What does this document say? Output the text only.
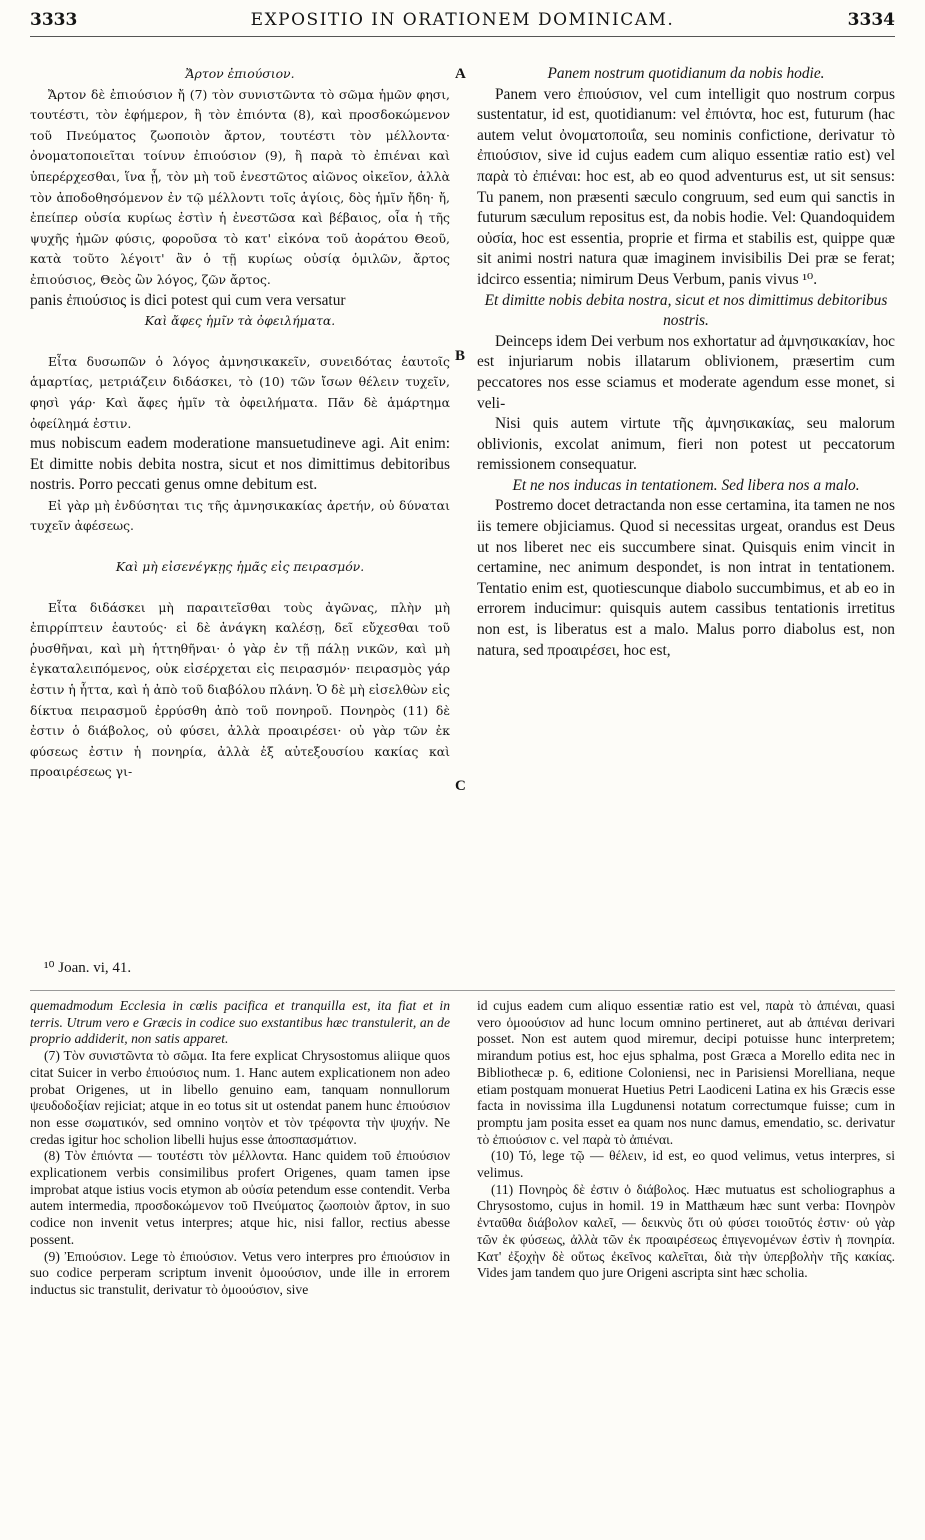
3333	EXPOSITIO IN ORATIONEM DOMINICAM.	3334
A
B
C
Ἄρτον ἐπιούσιον.

Ἄρτον δὲ ἐπιούσιον ἤ (7) τὸν συνιστῶντα τὸ σῶμα ἡμῶν φησι, τουτέστι, τὸν ἐφήμερον, ἢ τὸν ἐπιόντα (8), καὶ προσδοκώμενον τοῦ Πνεύματος ζωοποιὸν ἄρτον, τουτέστι τὸν μέλλοντα· ὀνοματοποιεῖται τοίνυν ἐπιούσιον (9), ἢ παρὰ τὸ ἐπιέναι καὶ ὑπερέρχεσθαι, ἵνα ᾖ, τὸν μὴ τοῦ ἐνεστῶτος αἰῶνος οἰκεῖον, ἀλλὰ τὸν ἀποδοθησόμενον ἐν τῷ μέλλοντι τοῖς ἁγίοις, δὸς ἡμῖν ἤδη· ἤ, ἐπείπερ οὐσία κυρίως ἐστὶν ἡ ἐνεστῶσα καὶ βέβαιος, οἷα ἡ τῆς ψυχῆς ἡμῶν φύσις, φοροῦσα τὸ κατ' εἰκόνα τοῦ ἀοράτου Θεοῦ, κατὰ τοῦτο λέγοιτ' ἂν ὁ τῇ κυρίως οὐσίᾳ ὁμιλῶν, ἄρτος ἐπιούσιος, Θεὸς ὢν λόγος, ζῶν ἄρτος.

panis ἐπιούσιος is dici potest qui cum vera versatur

Καὶ ἄφες ἡμῖν τὰ ὀφειλήματα.

Εἶτα δυσωπῶν ὁ λόγος ἀμνησικακεῖν, συνειδότας ἑαυτοῖς ἁμαρτίας, μετριάζειν διδάσκει, τὸ (10) τῶν ἴσων θέλειν τυχεῖν, φησὶ γάρ· Καὶ ἄφες ἡμῖν τὰ ὀφειλήματα. Πᾶν δὲ ἁμάρτημα ὀφείλημά ἐστιν.

mus nobiscum eadem moderatione mansuetudineve agi. Ait enim: Et dimitte nobis debita nostra, sicut et nos dimittimus debitoribus nostris. Porro peccati genus omne debitum est.

Εἰ γὰρ μὴ ἐνδύσηται τις τῆς ἀμνησικακίας ἀρετήν, οὐ δύναται τυχεῖν ἀφέσεως.

Καὶ μὴ εἰσενέγκῃς ἡμᾶς εἰς πειρασμόν.

Εἶτα διδάσκει μὴ παραιτεῖσθαι τοὺς ἀγῶνας, πλὴν μὴ ἐπιρρίπτειν ἑαυτούς· εἰ δὲ ἀνάγκη καλέσῃ, δεῖ εὔχεσθαι τοῦ ῥυσθῆναι, καὶ μὴ ἡττηθῆναι· ὁ γὰρ ἐν τῇ πάλῃ νικῶν, καὶ μὴ ἐγκαταλειπόμενος, οὐκ εἰσέρχεται εἰς πειρασμόν· πειρασμὸς γάρ ἐστιν ἡ ἧττα, καὶ ἡ ἀπὸ τοῦ διαβόλου πλάνη. Ὁ δὲ μὴ εἰσελθὼν εἰς δίκτυα πειρασμοῦ ἐρρύσθη ἀπὸ τοῦ πονηροῦ. Πονηρὸς (11) δὲ ἐστιν ὁ διάβολος, οὐ φύσει, ἀλλὰ προαιρέσει· οὐ γὰρ τῶν ἐκ φύσεως ἐστιν ἡ πονηρία, ἀλλὰ ἐξ αὐτεξουσίου κακίας καὶ προαιρέσεως γι-

Panem nostrum quotidianum da nobis hodie.

Panem vero ἐπιούσιον, vel cum intelligit quo nostrum corpus sustentatur, id est, quotidianum: vel ἐπιόντα, hoc est, futurum (hac autem velut ὀνοματοποιΐα, seu nominis confictione, derivatur τὸ ἐπιούσιον, sive id cujus eadem cum aliquo essentiæ ratio est) vel παρὰ τὸ ἐπιέναι: hoc est, ab eo quod adventurus est, ut sit sensus: Tu panem, non præsenti sæculo congruum, sed eum qui sanctis in futurum sæculum repositus est, da nobis hodie. Vel: Quandoquidem οὐσία, hoc est essentia, proprie et firma et stabilis est, quippe quæ sit animi nostri natura quæ imaginem invisibilis Dei præ se ferat; idcirco essentia; nimirum Deus Verbum, panis vivus ¹⁰.

Et dimitte nobis debita nostra, sicut et nos dimittimus debitoribus nostris.

Deinceps idem Dei verbum nos exhortatur ad ἀμνησικακίαν, hoc est injuriarum nobis illatarum oblivionem, præsertim cum peccatores nos esse sciamus et moderate agendum esse monet, si veli-

Nisi quis autem virtute τῆς ἀμνησικακίας, seu malorum oblivionis, excolat animum, fieri non potest ut peccatorum remissionem consequatur.

Et ne nos inducas in tentationem. Sed libera nos a malo.

Postremo docet detractanda non esse certamina, ita tamen ne nos iis temere objiciamus. Quod si necessitas urgeat, orandus est Deus ut nos liberet nec eis succumbere sinat. Quisquis enim vincit in certamine, nec animum despondet, is non intrat in tentationem. Tentatio enim est, quotiescunque diabolo succumbimus, et ab eo in errorem inducimur: quisquis autem cassibus tentationis irretitus non est, is liberatus est a malo. Malus porro diabolus est, non natura, sed προαιρέσει, hoc est,

¹⁰ Joan. vi, 41.

quemadmodum Ecclesia in cœlis pacifica et tranquilla est, ita fiat et in terris. Utrum vero e Græcis in codice suo exstantibus hæc transtulerit, an de proprio addiderit, non satis apparet.

(7) Τὸν συνιστῶντα τὸ σῶμα. Ita fere explicat Chrysostomus aliique quos citat Suicer in verbo ἐπιούσιος num. 1. Hanc autem explicationem non adeo probat Origenes, ut in libello genuino eam, tanquam nonnullorum ψευδοδοξίαν rejiciat; atque in eo totus sit ut ostendat panem hunc ἐπιούσιον non esse σωματικόν, sed omnino νοητὸν et τὸν τρέφοντα τὴν ψυχήν. Ne credas igitur hoc scholion libelli hujus esse ἀποσπασμάτιον.

(8) Τὸν ἐπιόντα — τουτέστι τὸν μέλλοντα. Hanc quidem τοῦ ἐπιούσιον explicationem verbis consimilibus profert Origenes, quam tamen ipse improbat atque istius vocis etymon ab οὐσία petendum esse contendit. Verba autem intermedia, προσδοκώμενον τοῦ Πνεύματος ζωοποιὸν ἄρτον, in suo codice non invenit vetus interpres; atque hic, nisi fallor, rectius abesse possent.

(9) Ἐπιούσιον. Lege τὸ ἐπιούσιον. Vetus vero interpres pro ἐπιούσιον in suo codice perperam scriptum invenit ὁμοούσιον, unde ille in errorem inductus sic transtulit, derivatur τὸ ὁμοούσιον, sive

id cujus eadem cum aliquo essentiæ ratio est vel, παρὰ τὸ ἀπιέναι, quasi vero ὁμοούσιον ad hunc locum omnino pertineret, aut ab ἀπιέναι derivari posset. Non est autem quod miremur, decipi potuisse hunc interpretem; mirandum potius est, hoc ejus sphalma, post Græca a Morello edita nec in Bibliothecæ p. 6, editione Coloniensi, nec in Parisiensi Morelliana, neque etiam postquam monuerat Huetius Petri Laodiceni Latina ex his Græcis esse facta in novissima illa Lugdunensi notatum correctumque fuisse; cum in promptu jam posita esset ea quam nos nunc damus, emendatio, sc. derivatur τὸ ἐπιούσιον c. vel παρὰ τὸ ἀπιέναι.

(10) Τό, lege τῷ — θέλειν, id est, eo quod velimus, vetus interpres, si velimus.

(11) Πονηρὸς δὲ ἐστιν ὁ διάβολος. Hæc mutuatus est scholiographus a Chrysostomo, cujus in homil. 19 in Matthæum hæc sunt verba: Πονηρὸν ἐνταῦθα διάβολον καλεῖ, — δεικνὺς ὅτι οὐ φύσει τοιοῦτός ἐστιν· οὐ γὰρ τῶν ἐκ φύσεως, ἀλλὰ τῶν ἐκ προαιρέσεως ἐπιγενομένων ἐστὶν ἡ πονηρία. Κατ' ἐξοχὴν δὲ οὕτως ἐκεῖνος καλεῖται, διὰ τὴν ὑπερβολὴν τῆς κακίας. Vides jam tandem quo jure Origeni ascripta sint hæc scholia.
